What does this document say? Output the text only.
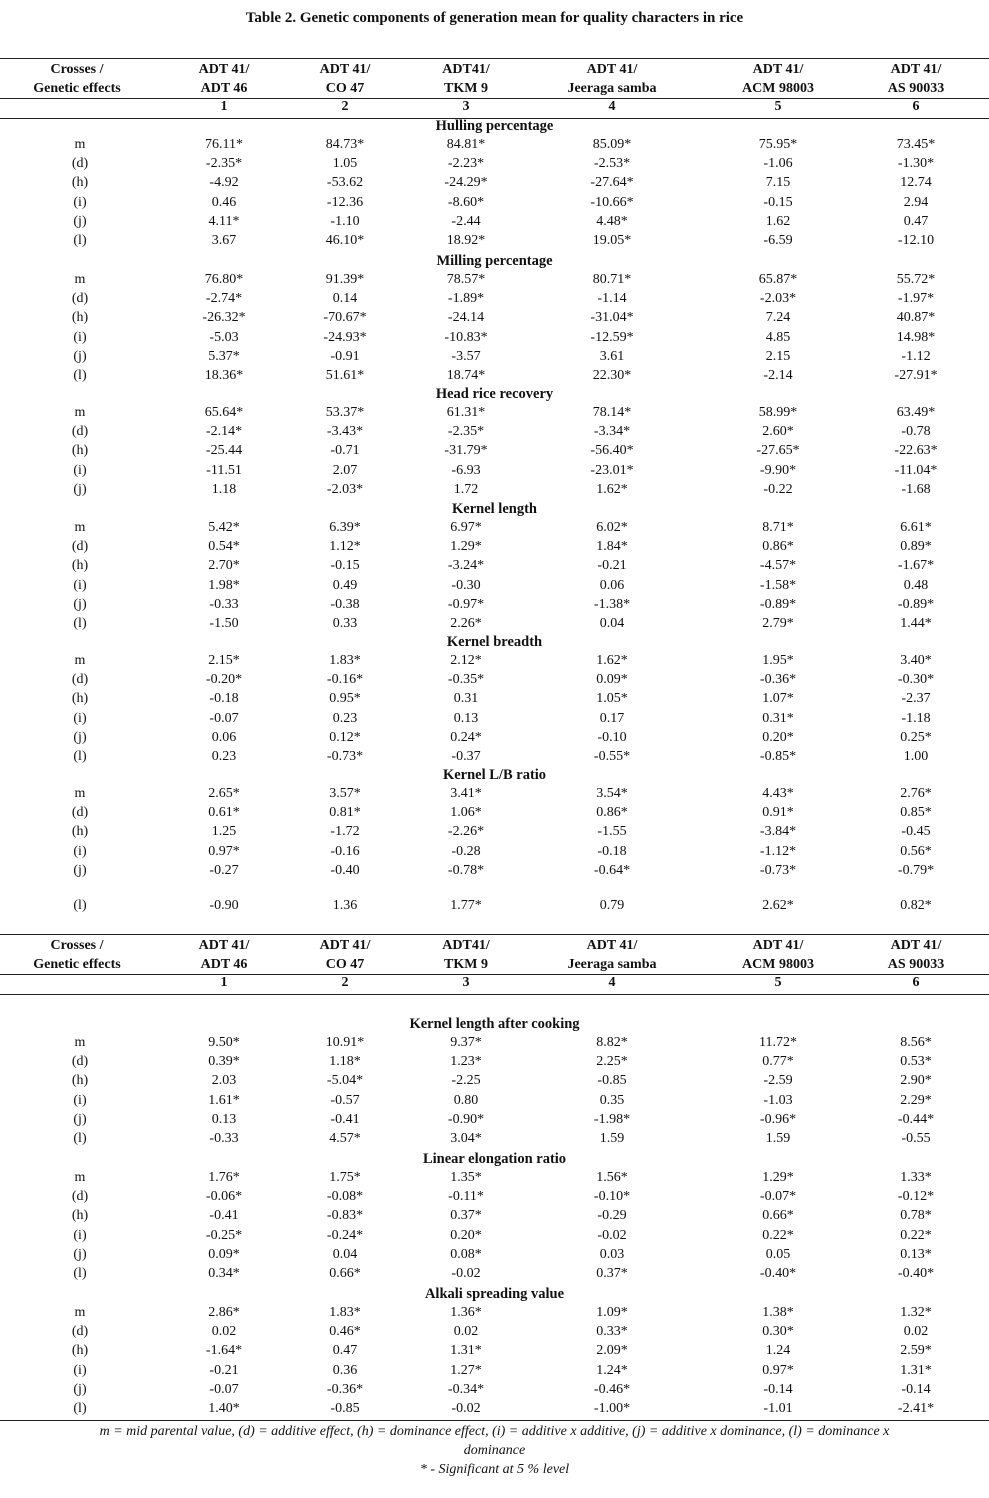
Table 2. Genetic components of generation mean for quality characters in rice
Crosses /
Genetic effects
ADT 41/
ADT 46
ADT 41/
CO 47
ADT41/
TKM 9
ADT 41/
Jeeraga samba
ADT 41/
ACM 98003
ADT 41/
AS 90033
1	2	3	4	5	6
Hulling percentage
m	76.11*	84.73*	84.81*	85.09*	75.95*	73.45*
(d)	-2.35*	1.05	-2.23*	-2.53*	-1.06	-1.30*
(h)	-4.92	-53.62	-24.29*	-27.64*	7.15	12.74
(i)	0.46	-12.36	-8.60*	-10.66*	-0.15	2.94
(j)	4.11*	-1.10	-2.44	4.48*	1.62	0.47
(l)	3.67	46.10*	18.92*	19.05*	-6.59	-12.10
Milling percentage
m	76.80*	91.39*	78.57*	80.71*	65.87*	55.72*
(d)	-2.74*	0.14	-1.89*	-1.14	-2.03*	-1.97*
(h)	-26.32*	-70.67*	-24.14	-31.04*	7.24	40.87*
(i)	-5.03	-24.93*	-10.83*	-12.59*	4.85	14.98*
(j)	5.37*	-0.91	-3.57	3.61	2.15	-1.12
(l)	18.36*	51.61*	18.74*	22.30*	-2.14	-27.91*
Head rice recovery
m	65.64*	53.37*	61.31*	78.14*	58.99*	63.49*
(d)	-2.14*	-3.43*	-2.35*	-3.34*	2.60*	-0.78
(h)	-25.44	-0.71	-31.79*	-56.40*	-27.65*	-22.63*
(i)	-11.51	2.07	-6.93	-23.01*	-9.90*	-11.04*
(j)	1.18	-2.03*	1.72	1.62*	-0.22	-1.68
Kernel length
m	5.42*	6.39*	6.97*	6.02*	8.71*	6.61*
(d)	0.54*	1.12*	1.29*	1.84*	0.86*	0.89*
(h)	2.70*	-0.15	-3.24*	-0.21	-4.57*	-1.67*
(i)	1.98*	0.49	-0.30	0.06	-1.58*	0.48
(j)	-0.33	-0.38	-0.97*	-1.38*	-0.89*	-0.89*
(l)	-1.50	0.33	2.26*	0.04	2.79*	1.44*
Kernel breadth
m	2.15*	1.83*	2.12*	1.62*	1.95*	3.40*
(d)	-0.20*	-0.16*	-0.35*	0.09*	-0.36*	-0.30*
(h)	-0.18	0.95*	0.31	1.05*	1.07*	-2.37
(i)	-0.07	0.23	0.13	0.17	0.31*	-1.18
(j)	0.06	0.12*	0.24*	-0.10	0.20*	0.25*
(l)	0.23	-0.73*	-0.37	-0.55*	-0.85*	1.00
Kernel L/B ratio
m	2.65*	3.57*	3.41*	3.54*	4.43*	2.76*
(d)	0.61*	0.81*	1.06*	0.86*	0.91*	0.85*
(h)	1.25	-1.72	-2.26*	-1.55	-3.84*	-0.45
(i)	0.97*	-0.16	-0.28	-0.18	-1.12*	0.56*
(j)	-0.27	-0.40	-0.78*	-0.64*	-0.73*	-0.79*
(l)	-0.90	1.36	1.77*	0.79	2.62*	0.82*
Kernel length after cooking
m	9.50*	10.91*	9.37*	8.82*	11.72*	8.56*
(d)	0.39*	1.18*	1.23*	2.25*	0.77*	0.53*
(h)	2.03	-5.04*	-2.25	-0.85	-2.59	2.90*
(i)	1.61*	-0.57	0.80	0.35	-1.03	2.29*
(j)	0.13	-0.41	-0.90*	-1.98*	-0.96*	-0.44*
(l)	-0.33	4.57*	3.04*	1.59	1.59	-0.55
Linear elongation ratio
m	1.76*	1.75*	1.35*	1.56*	1.29*	1.33*
(d)	-0.06*	-0.08*	-0.11*	-0.10*	-0.07*	-0.12*
(h)	-0.41	-0.83*	0.37*	-0.29	0.66*	0.78*
(i)	-0.25*	-0.24*	0.20*	-0.02	0.22*	0.22*
(j)	0.09*	0.04	0.08*	0.03	0.05	0.13*
(l)	0.34*	0.66*	-0.02	0.37*	-0.40*	-0.40*
Alkali spreading value
m	2.86*	1.83*	1.36*	1.09*	1.38*	1.32*
(d)	0.02	0.46*	0.02	0.33*	0.30*	0.02
(h)	-1.64*	0.47	1.31*	2.09*	1.24	2.59*
(i)	-0.21	0.36	1.27*	1.24*	0.97*	1.31*
(j)	-0.07	-0.36*	-0.34*	-0.46*	-0.14	-0.14
(l)	1.40*	-0.85	-0.02	-1.00*	-1.01	-2.41*
Crosses /
Genetic effects
ADT 41/
ADT 46
ADT 41/
CO 47
ADT41/
TKM 9
ADT 41/
Jeeraga samba
ADT 41/
ACM 98003
ADT 41/
AS 90033
1	2	3	4	5	6
m = mid parental value, (d) = additive effect, (h) = dominance effect, (i) = additive x additive, (j) = additive x dominance, (l) = dominance x
dominance
* - Significant at 5 % level
